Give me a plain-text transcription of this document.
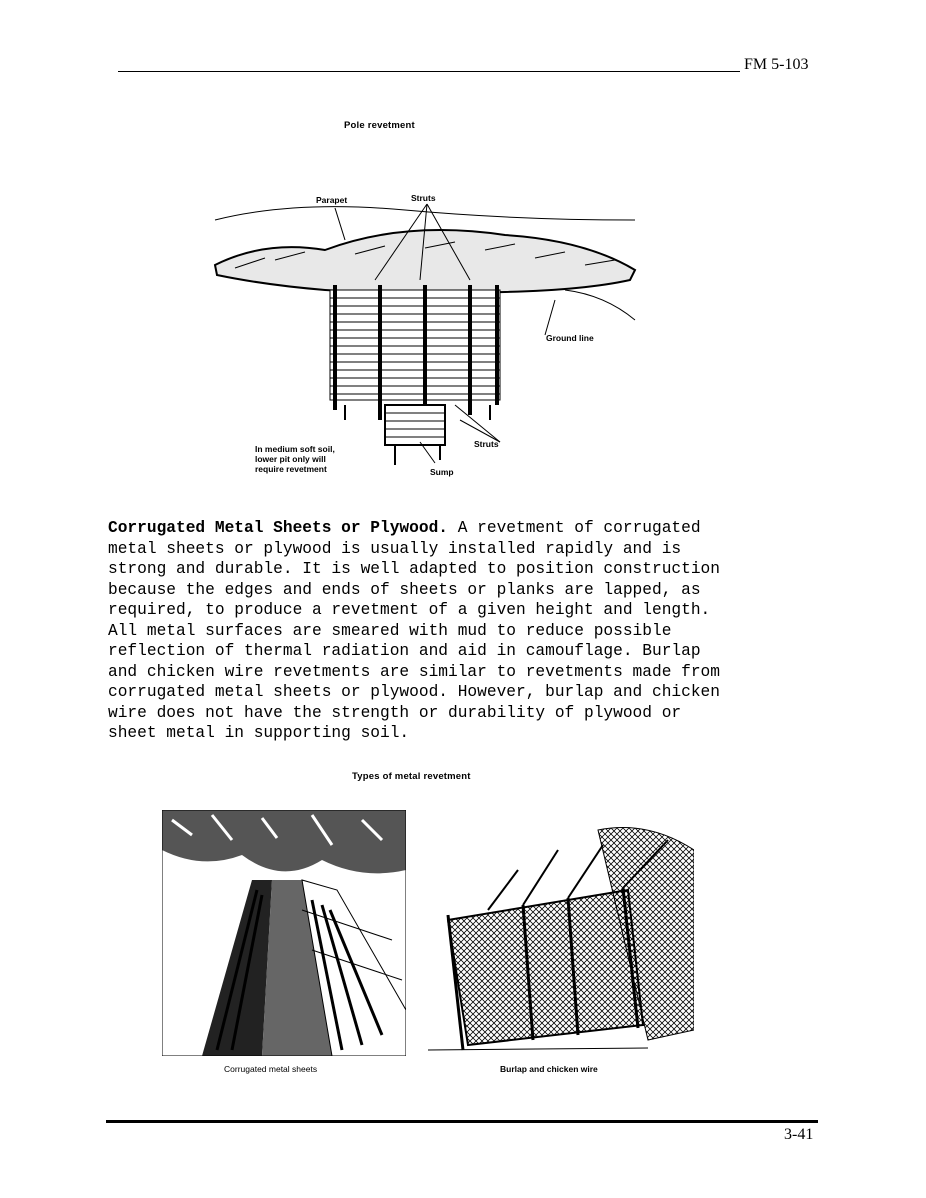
FM 5-103
Pole revetment
Parapet	Struts
Ground line
Struts
Sump
In medium soft soil,
lower pit only will
require revetment
Corrugated Metal Sheets or Plywood. A revetment of corrugated
metal sheets or plywood is usually installed rapidly and is
strong and durable. It is well adapted to position construction
because the edges and ends of sheets or planks are lapped, as
required, to produce a revetment of a given height and length.
All metal surfaces are smeared with mud to reduce possible
reflection of thermal radiation and aid in camouflage. Burlap
and chicken wire revetments are similar to revetments made from
corrugated metal sheets or plywood. However, burlap and chicken
wire does not have the strength or durability of plywood or
sheet metal in supporting soil.
Types of metal revetment
Corrugated metal sheets	Burlap and chicken wire
3-41
